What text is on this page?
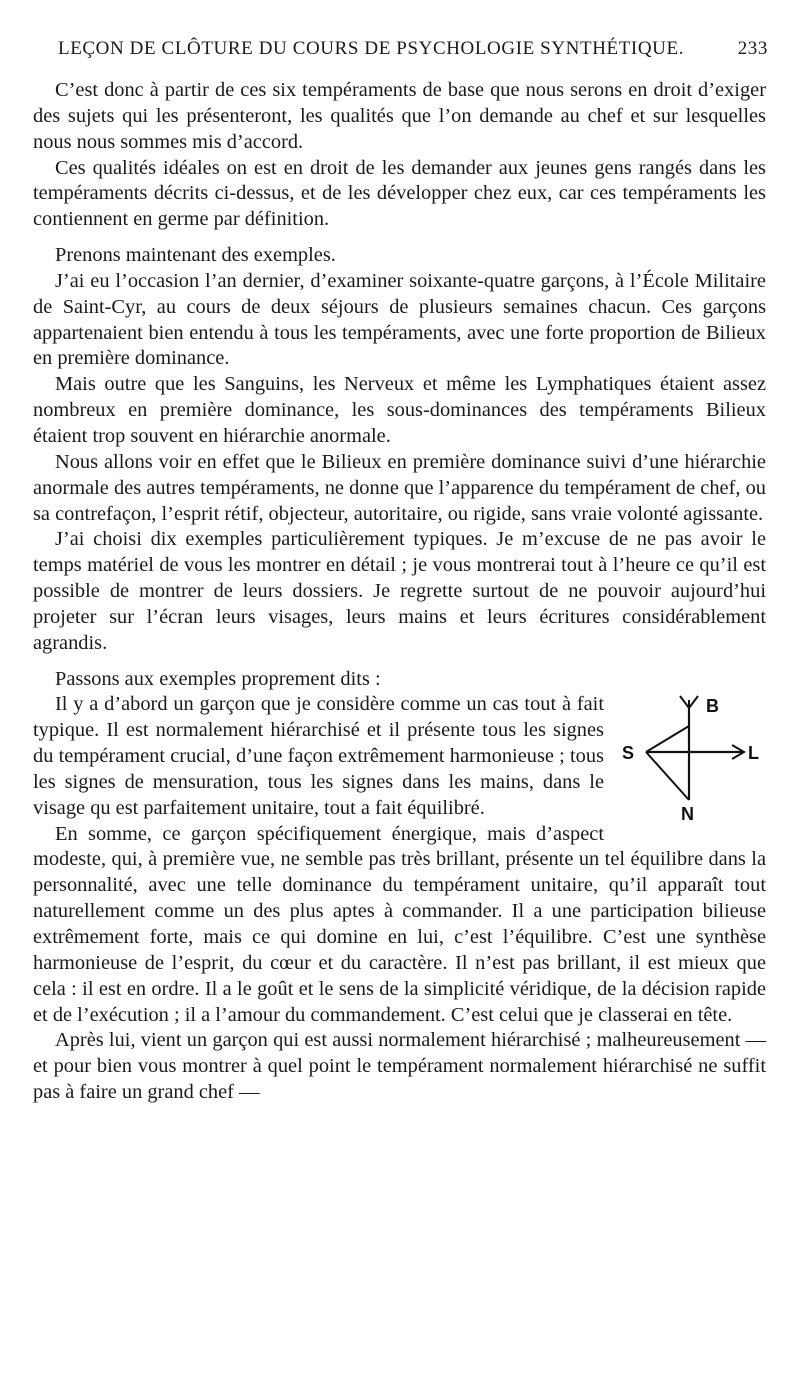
LEÇON DE CLÔTURE DU COURS DE PSYCHOLOGIE SYNTHÉTIQUE.	233

C’est donc à partir de ces six tempéraments de base que nous serons en droit d’exiger des sujets qui les présenteront, les qualités que l’on demande au chef et sur lesquelles nous nous sommes mis d’accord.

Ces qualités idéales on est en droit de les demander aux jeunes gens rangés dans les tempéraments décrits ci-dessus, et de les développer chez eux, car ces tempéraments les contiennent en germe par définition.

Prenons maintenant des exemples.

J’ai eu l’occasion l’an dernier, d’examiner soixante-quatre garçons, à l’École Militaire de Saint-Cyr, au cours de deux séjours de plusieurs semaines chacun. Ces garçons appartenaient bien entendu à tous les tempéraments, avec une forte proportion de Bilieux en première dominance.

Mais outre que les Sanguins, les Nerveux et même les Lymphatiques étaient assez nombreux en première dominance, les sous-dominances des tempéraments Bilieux étaient trop souvent en hiérarchie anormale.

Nous allons voir en effet que le Bilieux en première dominance suivi d’une hiérarchie anormale des autres tempéraments, ne donne que l’apparence du tempérament de chef, ou sa contrefaçon, l’esprit rétif, objecteur, autoritaire, ou rigide, sans vraie volonté agissante.

J’ai choisi dix exemples particulièrement typiques. Je m’excuse de ne pas avoir le temps matériel de vous les montrer en détail ; je vous montrerai tout à l’heure ce qu’il est possible de montrer de leurs dossiers. Je regrette surtout de ne pouvoir aujourd’hui projeter sur l’écran leurs visages, leurs mains et leurs écritures considérablement agrandis.

Passons aux exemples proprement dits :

B
S	L
N

Il y a d’abord un garçon que je considère comme un cas tout à fait typique. Il est normalement hiérarchisé et il présente tous les signes du tempérament crucial, d’une façon extrêmement harmonieuse ; tous les signes de mensuration, tous les signes dans les mains, dans le visage qu est parfaitement unitaire, tout a fait équilibré.

En somme, ce garçon spécifiquement énergique, mais d’aspect modeste, qui, à première vue, ne semble pas très brillant, présente un tel équilibre dans la personnalité, avec une telle dominance du tempérament unitaire, qu’il apparaît tout naturellement comme un des plus aptes à commander. Il a une participation bilieuse extrêmement forte, mais ce qui domine en lui, c’est l’équilibre. C’est une synthèse harmonieuse de l’esprit, du cœur et du caractère. Il n’est pas brillant, il est mieux que cela : il est en ordre. Il a le goût et le sens de la simplicité véridique, de la décision rapide et de l’exécution ; il a l’amour du commandement. C’est celui que je classerai en tête.

Après lui, vient un garçon qui est aussi normalement hiérarchisé ; malheureusement — et pour bien vous montrer à quel point le tempérament normalement hiérarchisé ne suffit pas à faire un grand chef —
